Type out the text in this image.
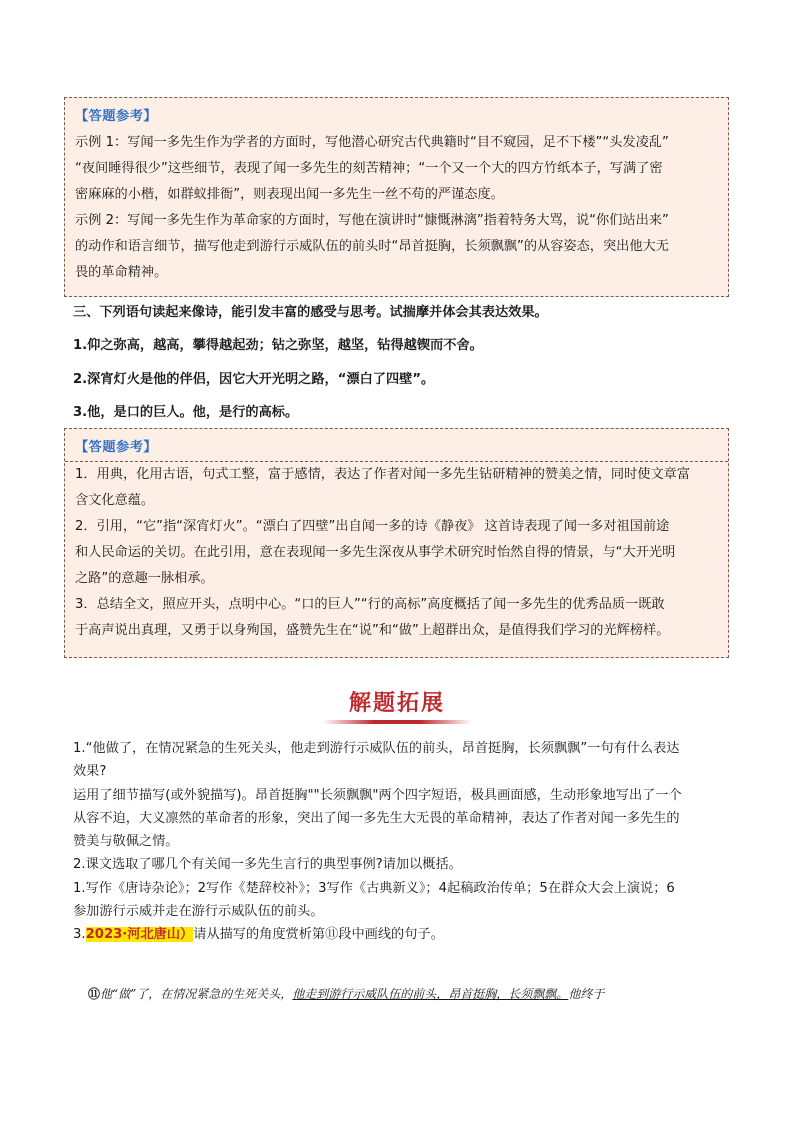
【答题参考】

示例 1：写闻一多先生作为学者的方面时，写他潜心研究古代典籍时“目不窥园，足不下楼”“头发凌乱”

“夜间睡得很少”这些细节，表现了闻一多先生的刻苦精神；“一个又一个大的四方竹纸本子，写满了密

密麻麻的小楷，如群蚁排衙”，则表现出闻一多先生一丝不苟的严谨态度。

示例 2：写闻一多先生作为革命家的方面时，写他在演讲时“慷慨淋漓”指着特务大骂，说“你们站出来”

的动作和语言细节，描写他走到游行示威队伍的前头时“昂首挺胸，长须飘飘”的从容姿态，突出他大无

畏的革命精神。

三、下列语句读起来像诗，能引发丰富的感受与思考。试揣摩并体会其表达效果。
1.仰之弥高，越高，攀得越起劲；钻之弥坚，越坚，钻得越锲而不舍。
2.深宵灯火是他的伴侣，因它大开光明之路，“漂白了四壁”。
3.他，是口的巨人。他，是行的高标。

【答题参考】

1．用典，化用古语，句式工整，富于感情，表达了作者对闻一多先生钻研精神的赞美之情，同时使文章富

含文化意蕴。

2．引用，“它”指“深宵灯火”。“漂白了四壁”出自闻一多的诗《静夜》 这首诗表现了闻一多对祖国前途

和人民命运的关切。在此引用，意在表现闻一多先生深夜从事学术研究时怡然自得的情景，与“大开光明

之路”的意趣一脉相承。

3．总结全文，照应开头，点明中心。“口的巨人”“行的高标”高度概括了闻一多先生的优秀品质一既敢

于高声说出真理，又勇于以身殉国，盛赞先生在“说”和“做”上超群出众，是值得我们学习的光辉榜样。

解题拓展

1.“他做了，在情况紧急的生死关头，他走到游行示威队伍的前头，昂首挺胸，长须飘飘”一句有什么表达

效果?

运用了细节描写(或外貌描写)。昂首挺胸""长须飘飘"两个四字短语，极具画面感，生动形象地写出了一个

从容不迫，大义凛然的革命者的形象，突出了闻一多先生大无畏的革命精神，表达了作者对闻一多先生的

赞美与敬佩之情。

2.课文选取了哪几个有关闻一多先生言行的典型事例?请加以概括。

1.写作《唐诗杂论》；2写作《楚辞校补》；3写作《古典新义》；4起稿政治传单；5在群众大会上演说；6

参加游行示威并走在游行示威队伍的前头。

3.2023·河北唐山）请从描写的角度赏析第⑪段中画线的句子。

⑪他“做”了，在情况紧急的生死关头，他走到游行示威队伍的前头，昂首挺胸，长须飘飘。他终于
